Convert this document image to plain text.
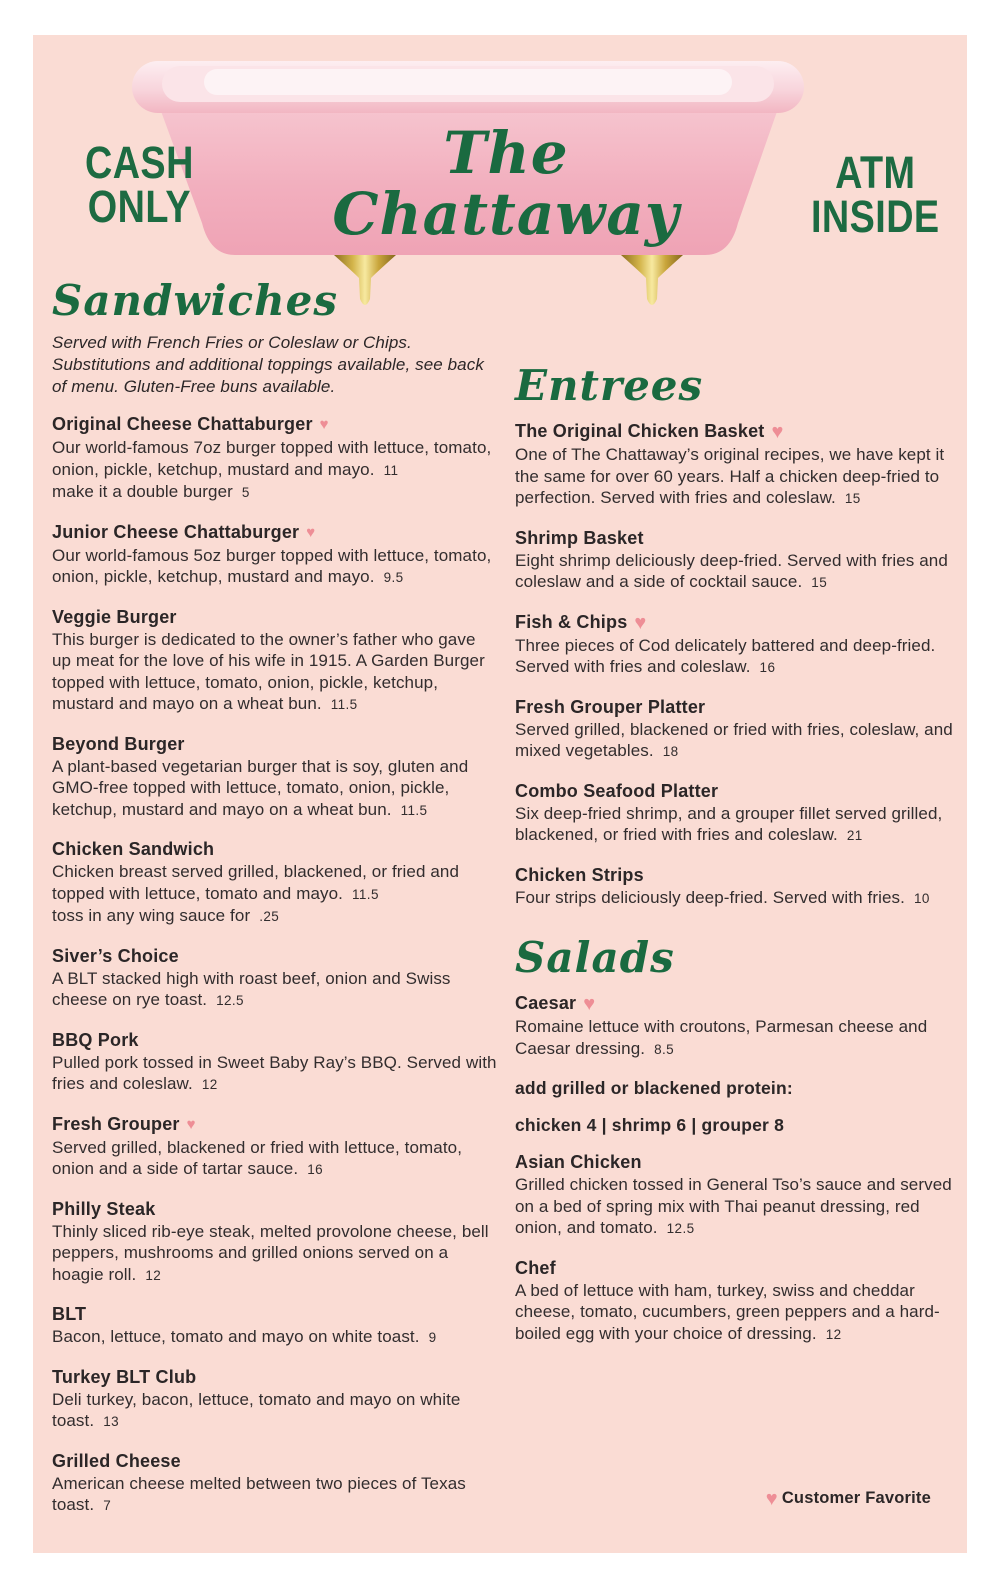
The Chattaway
CASH
ONLY
ATM
INSIDE
Sandwiches
Served with French Fries or Coleslaw or Chips. Substitutions and additional toppings available, see back of menu. Gluten-Free buns available.
Original Cheese Chattaburger ♥
Our world-famous 7oz burger topped with lettuce, tomato, onion, pickle, ketchup, mustard and mayo. 11
make it a double burger 5
Junior Cheese Chattaburger ♥
Our world-famous 5oz burger topped with lettuce, tomato, onion, pickle, ketchup, mustard and mayo. 9.5
Veggie Burger
This burger is dedicated to the owner’s father who gave up meat for the love of his wife in 1915. A Garden Burger topped with lettuce, tomato, onion, pickle, ketchup, mustard and mayo on a wheat bun. 11.5
Beyond Burger
A plant-based vegetarian burger that is soy, gluten and GMO-free topped with lettuce, tomato, onion, pickle, ketchup, mustard and mayo on a wheat bun. 11.5
Chicken Sandwich
Chicken breast served grilled, blackened, or fried and topped with lettuce, tomato and mayo. 11.5
toss in any wing sauce for .25
Siver’s Choice
A BLT stacked high with roast beef, onion and Swiss cheese on rye toast. 12.5
BBQ Pork
Pulled pork tossed in Sweet Baby Ray’s BBQ. Served with fries and coleslaw. 12
Fresh Grouper ♥
Served grilled, blackened or fried with lettuce, tomato, onion and a side of tartar sauce. 16
Philly Steak
Thinly sliced rib-eye steak, melted provolone cheese, bell peppers, mushrooms and grilled onions served on a hoagie roll. 12
BLT
Bacon, lettuce, tomato and mayo on white toast. 9
Turkey BLT Club
Deli turkey, bacon, lettuce, tomato and mayo on white toast. 13
Grilled Cheese
American cheese melted between two pieces of Texas toast. 7
Entrees
The Original Chicken Basket ♥
One of The Chattaway’s original recipes, we have kept it the same for over 60 years. Half a chicken deep-fried to perfection. Served with fries and coleslaw. 15
Shrimp Basket
Eight shrimp deliciously deep-fried. Served with fries and coleslaw and a side of cocktail sauce. 15
Fish & Chips ♥
Three pieces of Cod delicately battered and deep-fried. Served with fries and coleslaw. 16
Fresh Grouper Platter
Served grilled, blackened or fried with fries, coleslaw, and mixed vegetables. 18
Combo Seafood Platter
Six deep-fried shrimp, and a grouper fillet served grilled, blackened, or fried with fries and coleslaw. 21
Chicken Strips
Four strips deliciously deep-fried. Served with fries. 10
Salads
Caesar ♥
Romaine lettuce with croutons, Parmesan cheese and Caesar dressing. 8.5
add grilled or blackened protein:
chicken 4 | shrimp 6 | grouper 8
Asian Chicken
Grilled chicken tossed in General Tso’s sauce and served on a bed of spring mix with Thai peanut dressing, red onion, and tomato. 12.5
Chef
A bed of lettuce with ham, turkey, swiss and cheddar cheese, tomato, cucumbers, green peppers and a hard-boiled egg with your choice of dressing. 12
♥ Customer Favorite
